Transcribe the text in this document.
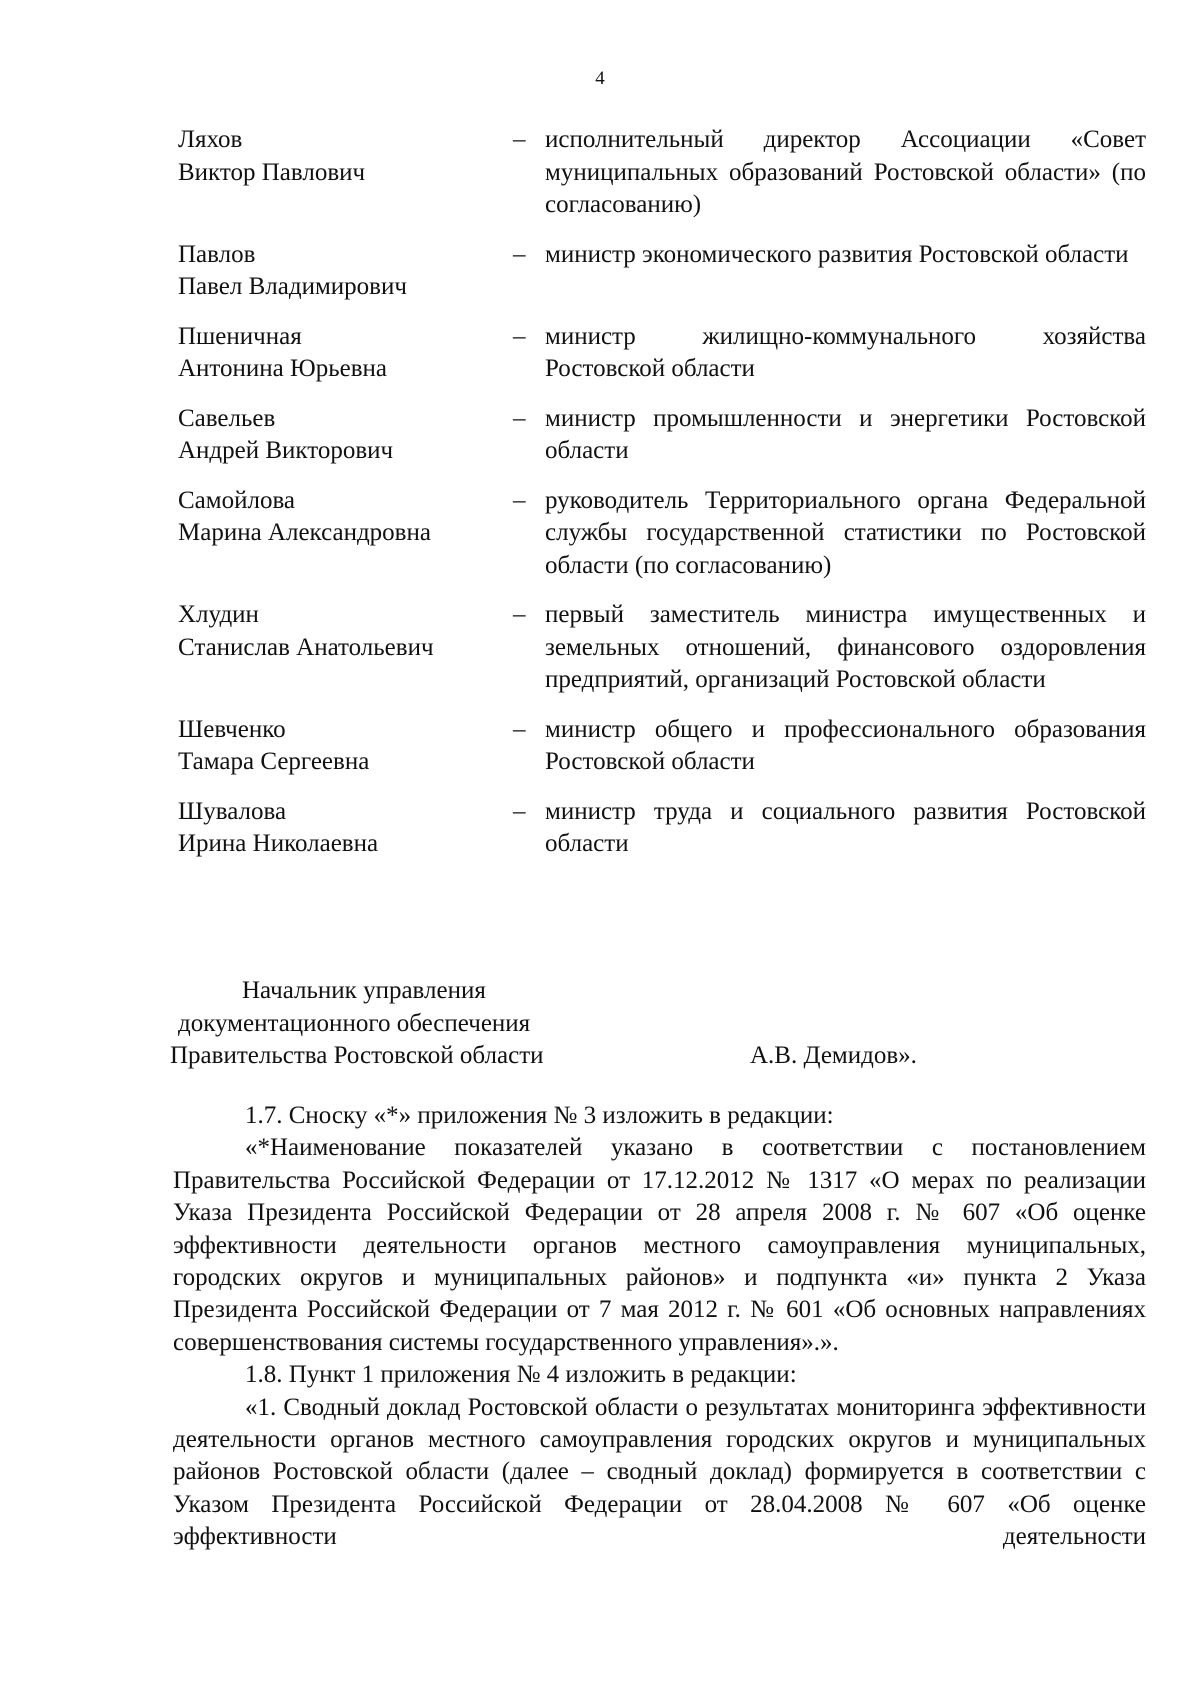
4
Ляхов
Виктор Павлович
– исполнительный директор Ассоциации «Совет муниципальных образований Ростовской области» (по согласованию)
Павлов
Павел Владимирович
– министр экономического развития Ростовской области
Пшеничная
Антонина Юрьевна
– министр жилищно-коммунального хозяйства Ростовской области
Савельев
Андрей Викторович
– министр промышленности и энергетики Ростовской области
Самойлова
Марина Александровна
– руководитель Территориального органа Федеральной службы государственной статистики по Ростовской области (по согласованию)
Хлудин
Станислав Анатольевич
– первый заместитель министра имущественных и земельных отношений, финансового оздоровления предприятий, организаций Ростовской области
Шевченко
Тамара Сергеевна
– министр общего и профессионального образования Ростовской области
Шувалова
Ирина Николаевна
– министр труда и социального развития Ростовской области
Начальник управления
документационного обеспечения
Правительства Ростовской области	А.В. Демидов».

1.7. Сноску «*» приложения № 3 изложить в редакции:

«*Наименование показателей указано в соответствии с постановлением Правительства Российской Федерации от 17.12.2012 № 1317 «О мерах по реализации Указа Президента Российской Федерации от 28 апреля 2008 г. № 607 «Об оценке эффективности деятельности органов местного самоуправления муниципальных, городских округов и муниципальных районов» и подпункта «и» пункта 2 Указа Президента Российской Федерации от 7 мая 2012 г. № 601 «Об основных направлениях совершенствования системы государственного управления».».

1.8. Пункт 1 приложения № 4 изложить в редакции:

«1. Сводный доклад Ростовской области о результатах мониторинга эффективности деятельности органов местного самоуправления городских округов и муниципальных районов Ростовской области (далее – сводный доклад) формируется в соответствии с Указом Президента Российской Федерации от 28.04.2008 № 607 «Об оценке эффективности деятельности
